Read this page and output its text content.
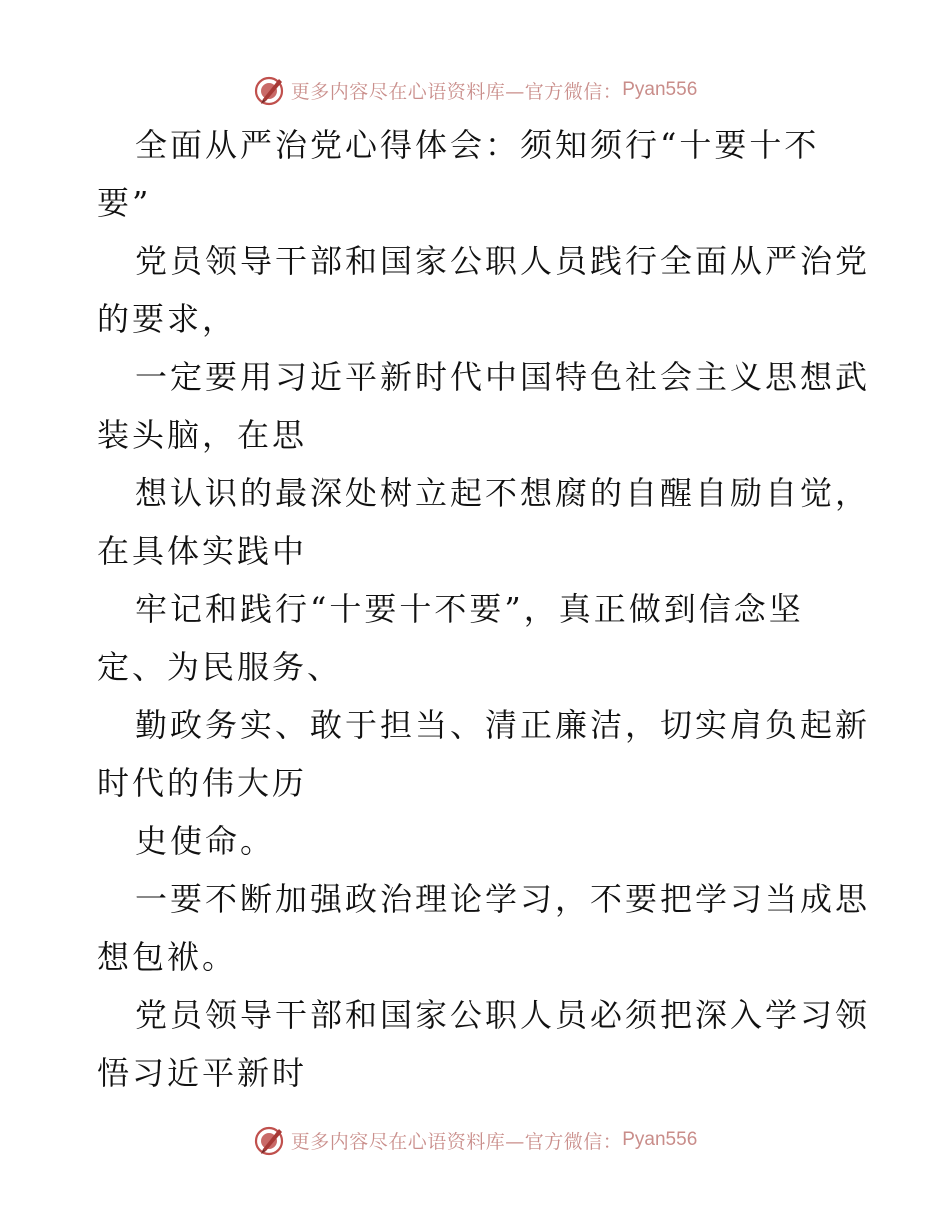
更多内容尽在心语资料库—官方微信： Pyan556
全面从严治党心得体会：须知须行“十要十不
要”
党员领导干部和国家公职人员践行全面从严治党
的要求，
一定要用习近平新时代中国特色社会主义思想武
装头脑，在思
想认识的最深处树立起不想腐的自醒自励自觉，
在具体实践中
牢记和践行“十要十不要”，真正做到信念坚
定、为民服务、
勤政务实、敢于担当、清正廉洁，切实肩负起新
时代的伟大历
史使命。
一要不断加强政治理论学习，不要把学习当成思
想包袱。
党员领导干部和国家公职人员必须把深入学习领
悟习近平新时
更多内容尽在心语资料库—官方微信： Pyan556
